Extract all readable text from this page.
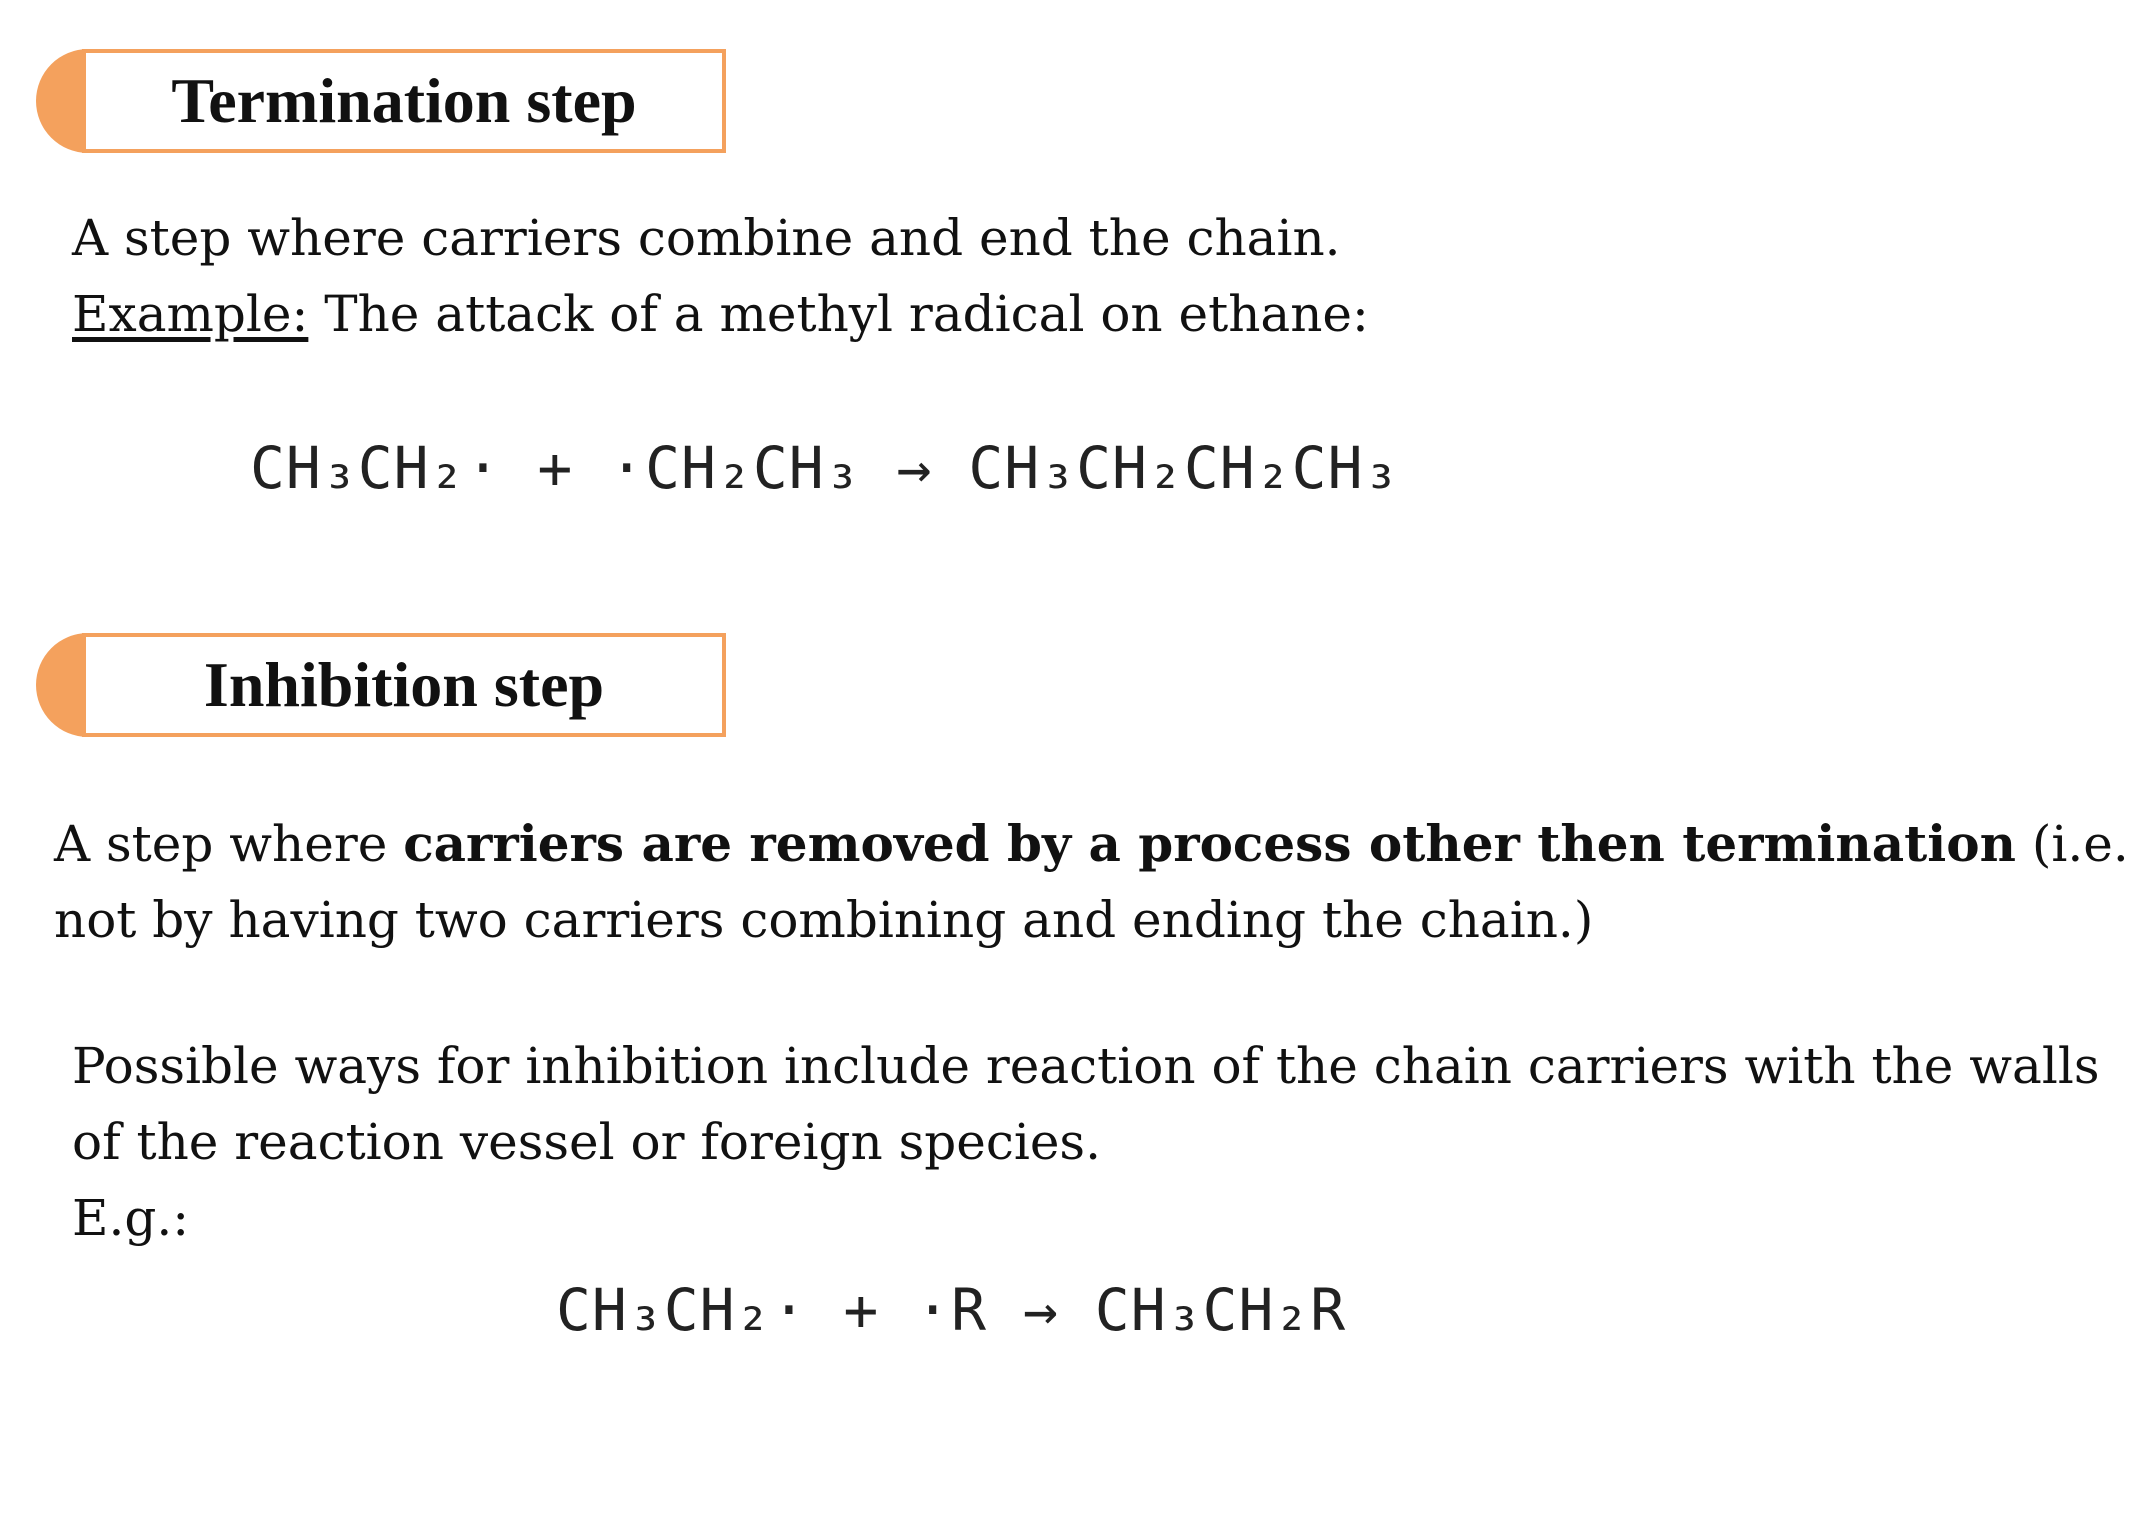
Termination step
A step where carriers combine and end the chain.
Example: The attack of a methyl radical on ethane:
CH₃CH₂· + ·CH₂CH₃ → CH₃CH₂CH₂CH₃
Inhibition step
A step where carriers are removed by a process other then termination (i.e.
not by having two carriers combining and ending the chain.)
Possible ways for inhibition include reaction of the chain carriers with the walls
of the reaction vessel or foreign species.
E.g.:
CH₃CH₂· + ·R → CH₃CH₂R
